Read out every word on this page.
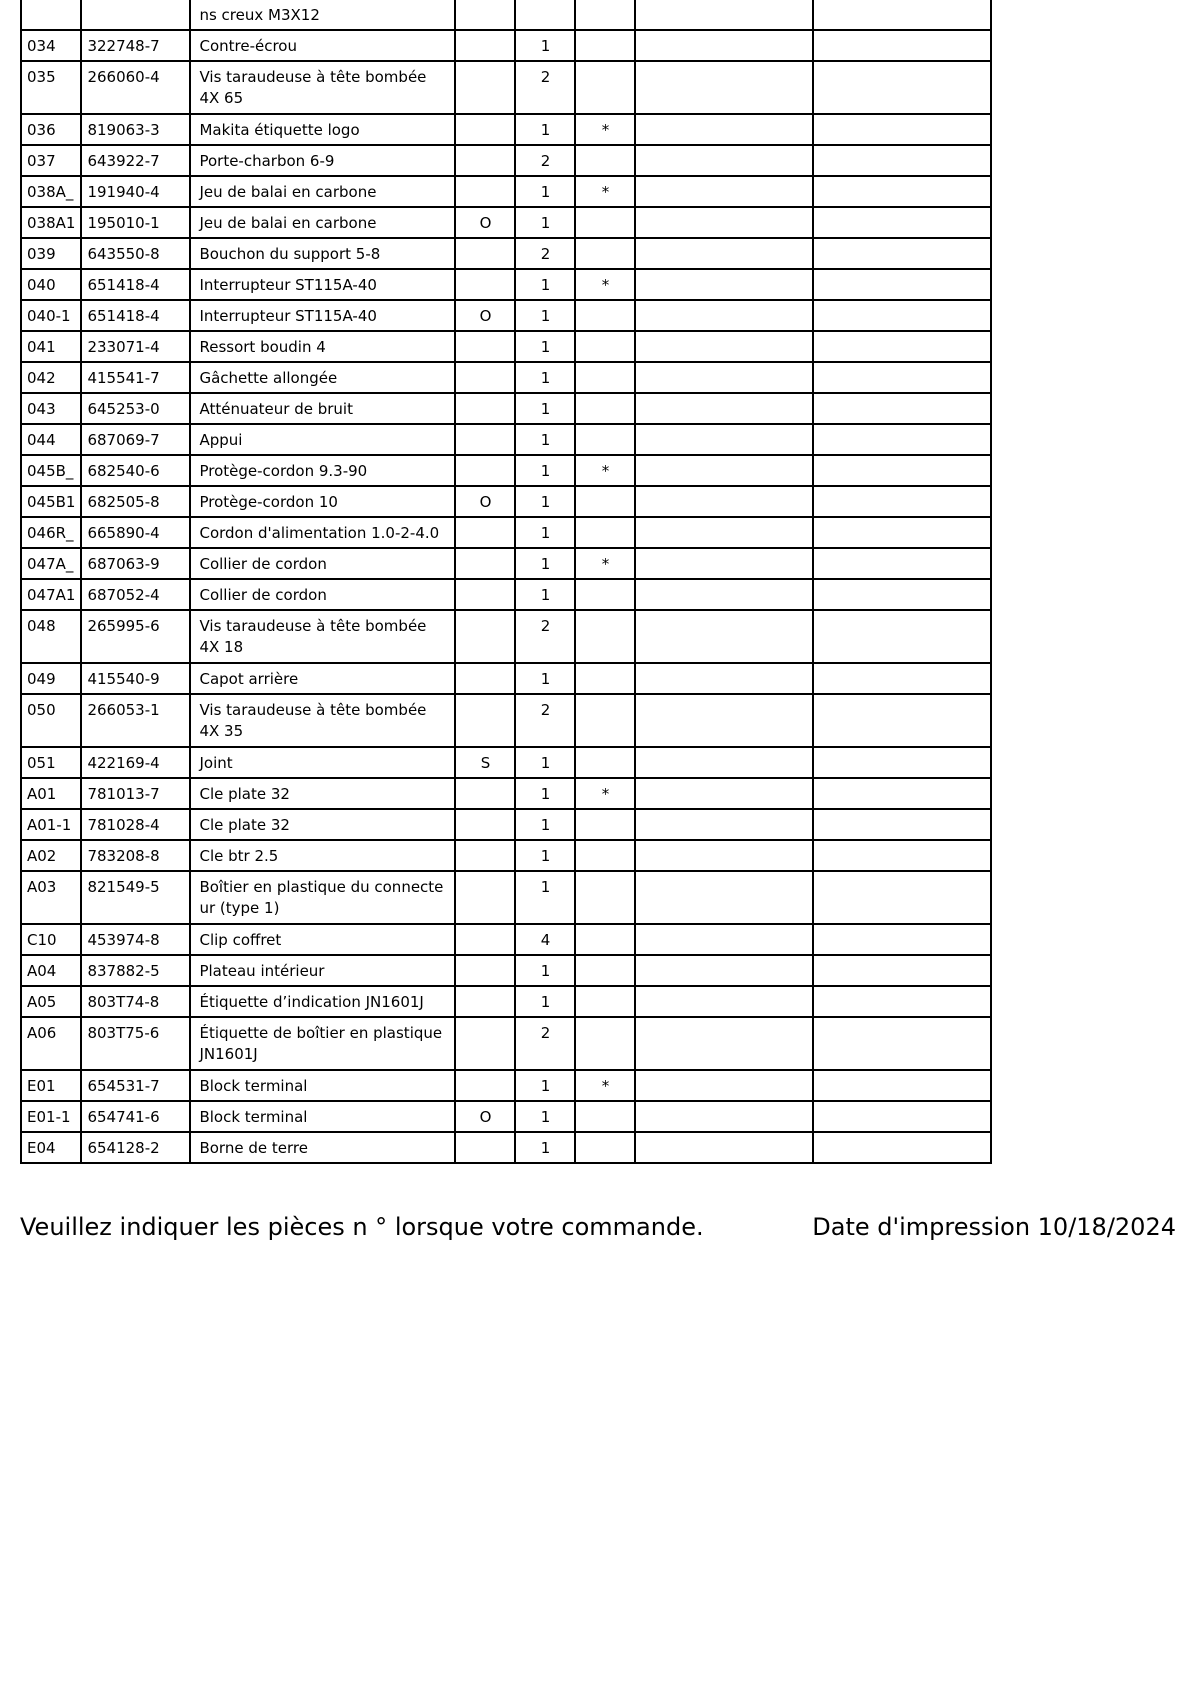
		ns creux M3X12					
034	322748-7	Contre-écrou		1			
035	266060-4	Vis taraudeuse à tête bombée 4X 65		2			
036	819063-3	Makita étiquette logo		1	*		
037	643922-7	Porte-charbon 6-9		2			
038A_	191940-4	Jeu de balai en carbone		1	*		
038A1	195010-1	Jeu de balai en carbone	O	1			
039	643550-8	Bouchon du support 5-8		2			
040	651418-4	Interrupteur ST115A-40		1	*		
040-1	651418-4	Interrupteur ST115A-40	O	1			
041	233071-4	Ressort boudin 4		1			
042	415541-7	Gâchette allongée		1			
043	645253-0	Atténuateur de bruit		1			
044	687069-7	Appui		1			
045B_	682540-6	Protège-cordon 9.3-90		1	*		
045B1	682505-8	Protège-cordon 10	O	1			
046R_	665890-4	Cordon d'alimentation 1.0-2-4.0		1			
047A_	687063-9	Collier de cordon		1	*		
047A1	687052-4	Collier de cordon		1			
048	265995-6	Vis taraudeuse à tête bombée 4X 18		2			
049	415540-9	Capot arrière		1			
050	266053-1	Vis taraudeuse à tête bombée 4X 35		2			
051	422169-4	Joint	S	1			
A01	781013-7	Cle plate 32		1	*		
A01-1	781028-4	Cle plate 32		1			
A02	783208-8	Cle btr 2.5		1			
A03	821549-5	Boîtier en plastique du connecte ur (type 1)		1			
C10	453974-8	Clip coffret		4			
A04	837882-5	Plateau intérieur		1			
A05	803T74-8	Étiquette d’indication JN1601J		1			
A06	803T75-6	Étiquette de boîtier en plastique JN1601J		2			
E01	654531-7	Block terminal		1	*		
E01-1	654741-6	Block terminal	O	1			
E04	654128-2	Borne de terre		1			
Veuillez indiquer les pièces n ° lorsque votre commande.	Date d'impression 10/18/2024
